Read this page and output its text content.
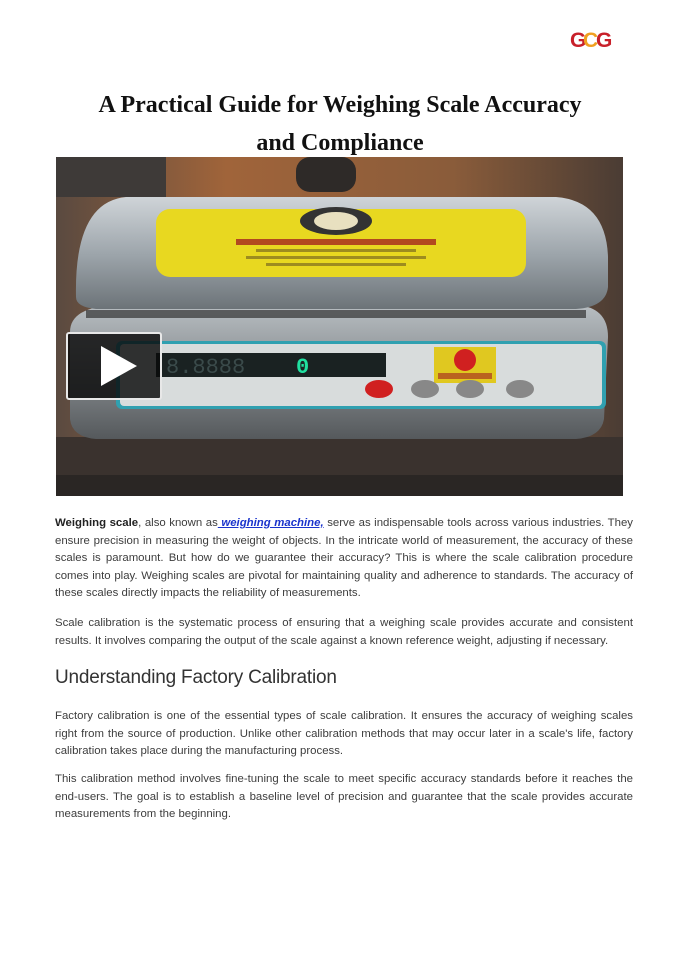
G
C
G
A Practical Guide for Weighing Scale Accuracy
and Compliance
8.8888 0

Weighing scale, also known as weighing machine, serve as indispensable tools across various industries. They ensure precision in measuring the weight of objects. In the intricate world of measurement, the accuracy of these scales is paramount. But how do we guarantee their accuracy? This is where the scale calibration procedure comes into play. Weighing scales are pivotal for maintaining quality and adherence to standards. The accuracy of these scales directly impacts the reliability of measurements.

Scale calibration is the systematic process of ensuring that a weighing scale provides accurate and consistent results. It involves comparing the output of the scale against a known reference weight, adjusting if necessary.

Understanding Factory Calibration

Factory calibration is one of the essential types of scale calibration. It ensures the accuracy of weighing scales right from the source of production. Unlike other calibration methods that may occur later in a scale's life, factory calibration takes place during the manufacturing process.

This calibration method involves fine-tuning the scale to meet specific accuracy standards before it reaches the end-users. The goal is to establish a baseline level of precision and guarantee that the scale provides accurate measurements from the beginning.
